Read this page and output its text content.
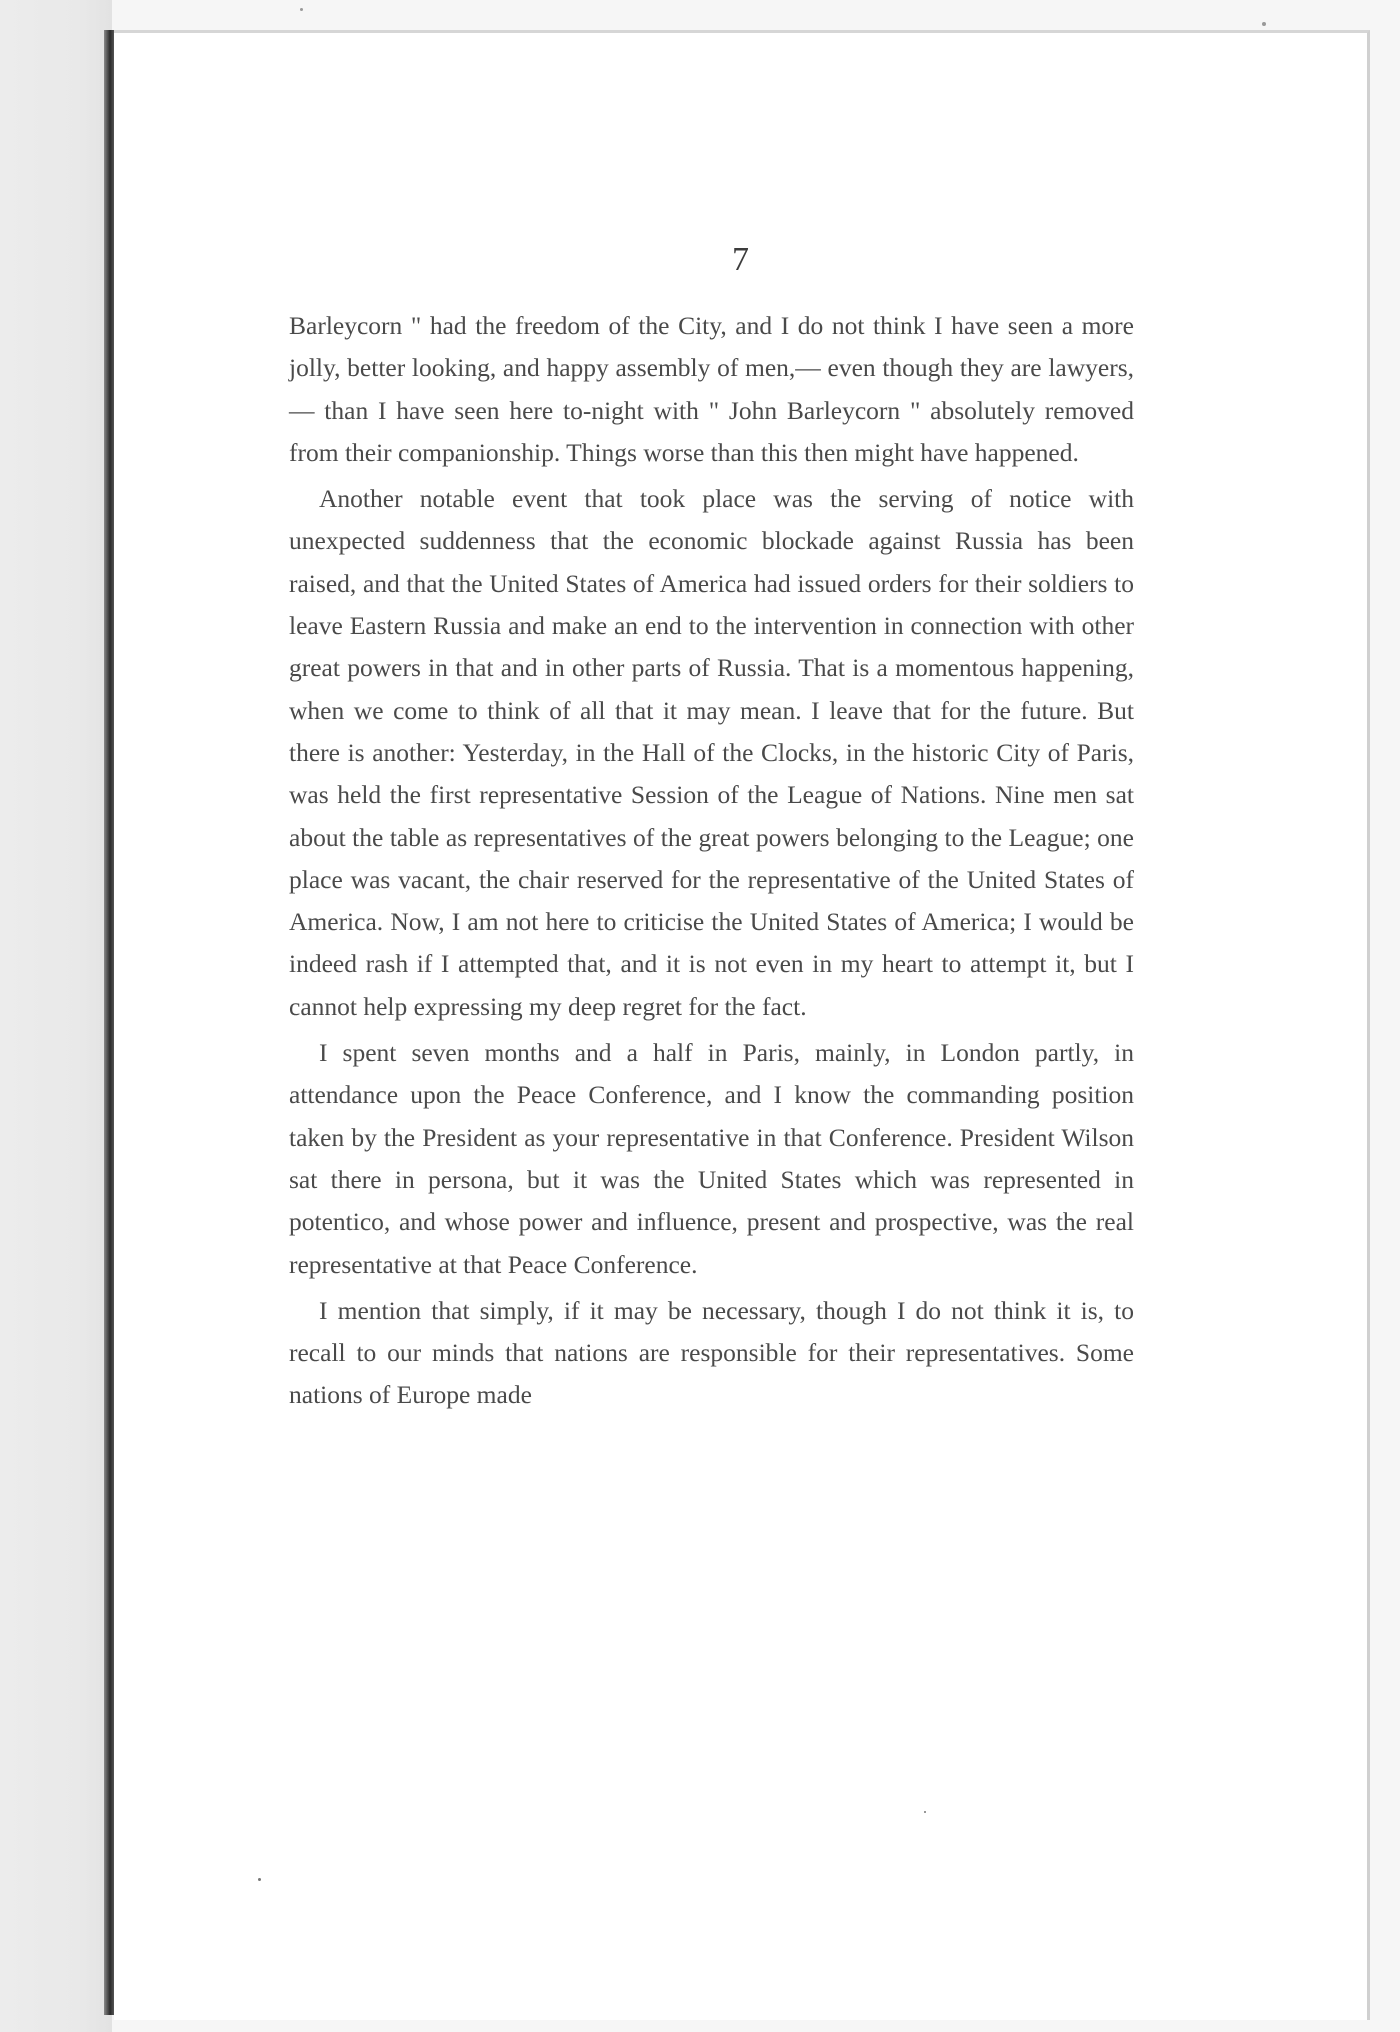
7

Barleycorn " had the freedom of the City, and I do not think I have seen a more jolly, better looking, and happy assembly of men,— even though they are lawyers,— than I have seen here to-night with " John Barleycorn " absolutely removed from their companionship. Things worse than this then might have happened.

Another notable event that took place was the serving of notice with unexpected suddenness that the economic blockade against Russia has been raised, and that the United States of America had issued orders for their soldiers to leave Eastern Russia and make an end to the intervention in connection with other great powers in that and in other parts of Russia. That is a momentous happening, when we come to think of all that it may mean. I leave that for the future. But there is another: Yesterday, in the Hall of the Clocks, in the historic City of Paris, was held the first representative Session of the League of Nations. Nine men sat about the table as representatives of the great powers belonging to the League; one place was vacant, the chair reserved for the representative of the United States of America. Now, I am not here to criticise the United States of America; I would be indeed rash if I attempted that, and it is not even in my heart to attempt it, but I cannot help expressing my deep regret for the fact.

I spent seven months and a half in Paris, mainly, in London partly, in attendance upon the Peace Conference, and I know the commanding position taken by the President as your representative in that Conference. President Wilson sat there in persona, but it was the United States which was represented in potentico, and whose power and influence, present and prospective, was the real representative at that Peace Conference.

I mention that simply, if it may be necessary, though I do not think it is, to recall to our minds that nations are responsible for their representatives. Some nations of Europe made
